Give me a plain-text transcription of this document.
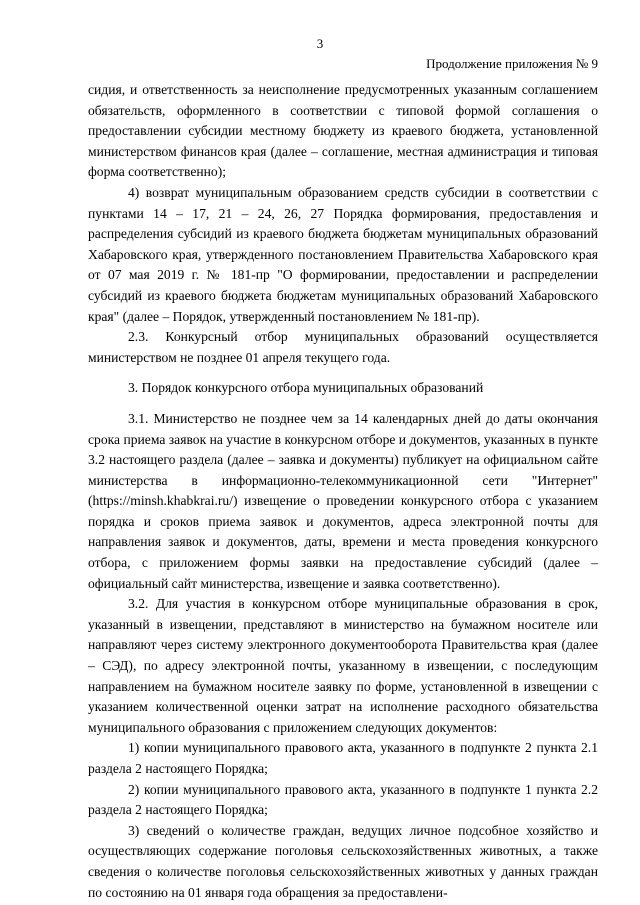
3
Продолжение приложения № 9

сидия, и ответственность за неисполнение предусмотренных указанным соглашением обязательств, оформленного в соответствии с типовой формой соглашения о предоставлении субсидии местному бюджету из краевого бюджета, установленной министерством финансов края (далее – соглашение, местная администрация и типовая форма соответственно);

4) возврат муниципальным образованием средств субсидии в соответствии с пунктами 14 – 17, 21 – 24, 26, 27 Порядка формирования, предоставления и распределения субсидий из краевого бюджета бюджетам муниципальных образований Хабаровского края, утвержденного постановлением Правительства Хабаровского края от 07 мая 2019 г. № 181-пр "О формировании, предоставлении и распределении субсидий из краевого бюджета бюджетам муниципальных образований Хабаровского края" (далее – Порядок, утвержденный постановлением № 181-пр).

2.3. Конкурсный отбор муниципальных образований осуществляется министерством не позднее 01 апреля текущего года.

3. Порядок конкурсного отбора муниципальных образований

3.1. Министерство не позднее чем за 14 календарных дней до даты окончания срока приема заявок на участие в конкурсном отборе и документов, указанных в пункте 3.2 настоящего раздела (далее – заявка и документы) публикует на официальном сайте министерства в информационно-телекоммуникационной сети "Интернет" (https://minsh.khabkrai.ru/) извещение о проведении конкурсного отбора с указанием порядка и сроков приема заявок и документов, адреса электронной почты для направления заявок и документов, даты, времени и места проведения конкурсного отбора, с приложением формы заявки на предоставление субсидий (далее – официальный сайт министерства, извещение и заявка соответственно).

3.2. Для участия в конкурсном отборе муниципальные образования в срок, указанный в извещении, представляют в министерство на бумажном носителе или направляют через систему электронного документооборота Правительства края (далее – СЭД), по адресу электронной почты, указанному в извещении, с последующим направлением на бумажном носителе заявку по форме, установленной в извещении с указанием количественной оценки затрат на исполнение расходного обязательства муниципального образования с приложением следующих документов:

1) копии муниципального правового акта, указанного в подпункте 2 пункта 2.1 раздела 2 настоящего Порядка;

2) копии муниципального правового акта, указанного в подпункте 1 пункта 2.2 раздела 2 настоящего Порядка;

3) сведений о количестве граждан, ведущих личное подсобное хозяйство и осуществляющих содержание поголовья сельскохозяйственных животных, а также сведения о количестве поголовья сельскохозяйственных животных у данных граждан по состоянию на 01 января года обращения за предоставлени-
